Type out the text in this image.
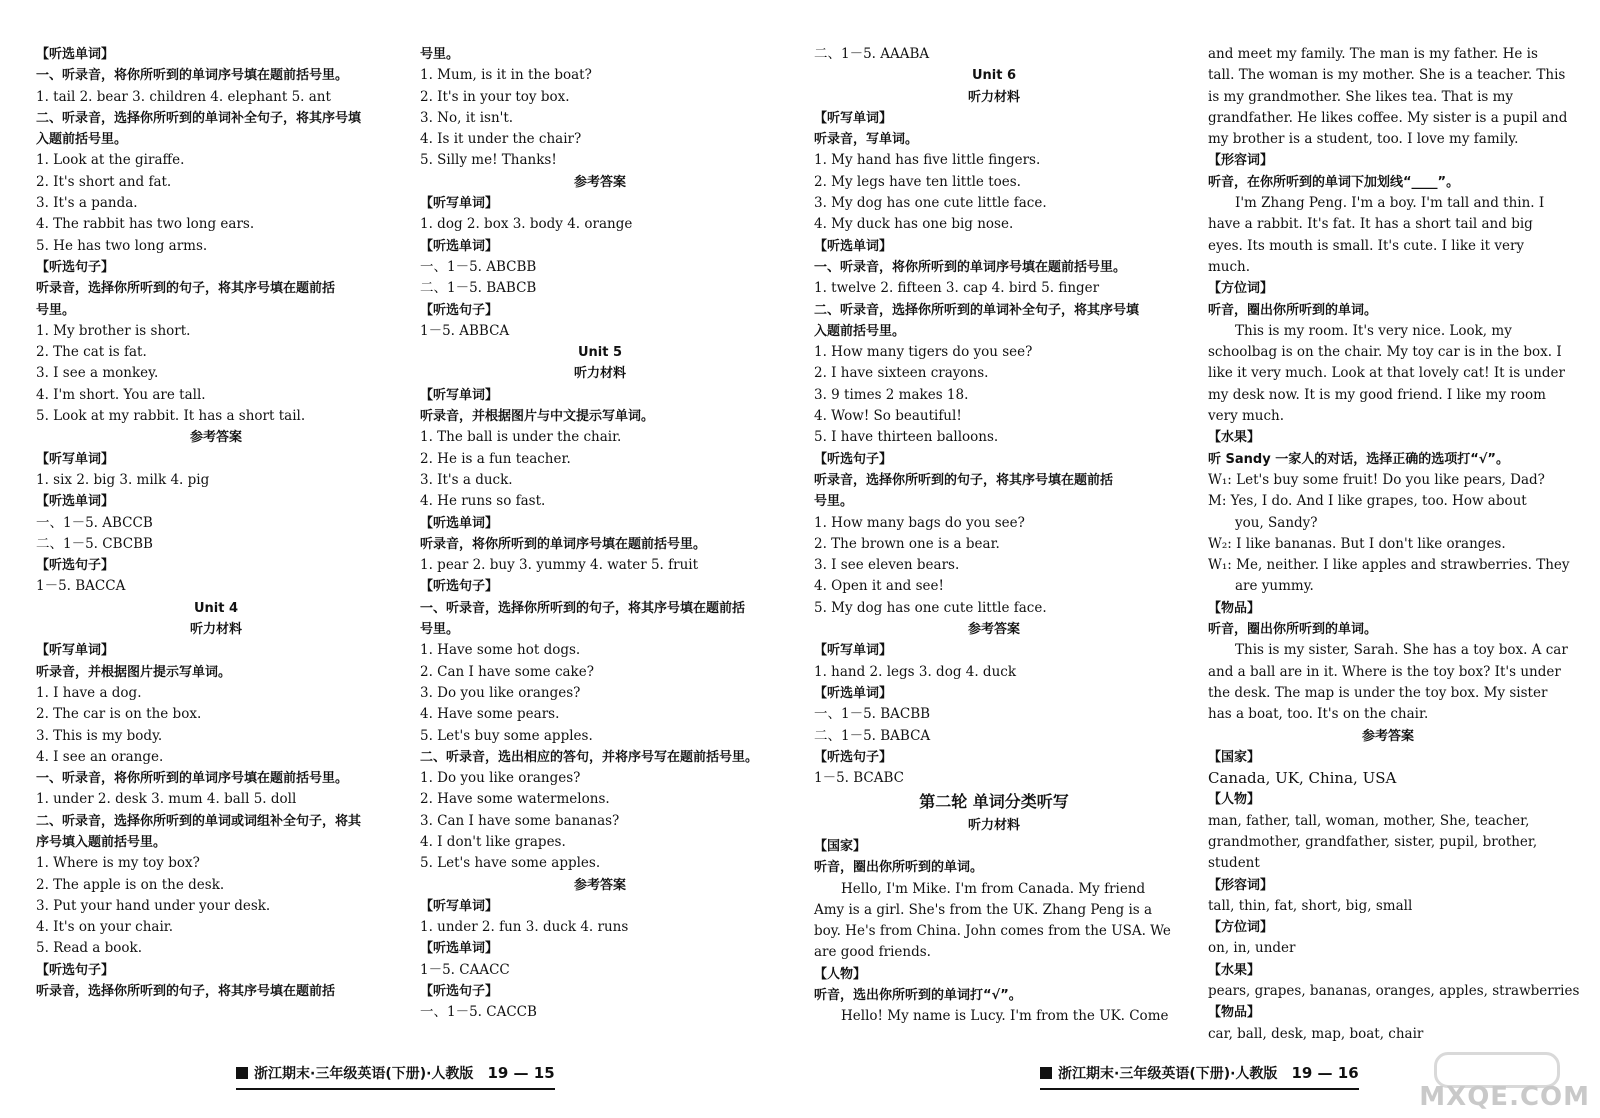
【听选单词】
一、听录音，将你所听到的单词序号填在题前括号里。
1. tail 2. bear 3. children 4. elephant 5. ant
二、听录音，选择你所听到的单词补全句子，将其序号填
入题前括号里。
1. Look at the giraffe.
2. It's short and fat.
3. It's a panda.
4. The rabbit has two long ears.
5. He has two long arms.
【听选句子】
听录音，选择你所听到的句子，将其序号填在题前括
号里。
1. My brother is short.
2. The cat is fat.
3. I see a monkey.
4. I'm short. You are tall.
5. Look at my rabbit. It has a short tail.
参考答案
【听写单词】
1. six 2. big 3. milk 4. pig
【听选单词】
一、1－5. ABCCB
二、1－5. CBCBB
【听选句子】
1－5. BACCA
Unit 4
听力材料
【听写单词】
听录音，并根据图片提示写单词。
1. I have a dog.
2. The car is on the box.
3. This is my body.
4. I see an orange.
一、听录音，将你所听到的单词序号填在题前括号里。
1. under 2. desk 3. mum 4. ball 5. doll
二、听录音，选择你所听到的单词或词组补全句子，将其
序号填入题前括号里。
1. Where is my toy box?
2. The apple is on the desk.
3. Put your hand under your desk.
4. It's on your chair.
5. Read a book.
【听选句子】
听录音，选择你所听到的句子，将其序号填在题前括
号里。
1. Mum, is it in the boat?
2. It's in your toy box.
3. No, it isn't.
4. Is it under the chair?
5. Silly me! Thanks!
参考答案
【听写单词】
1. dog 2. box 3. body 4. orange
【听选单词】
一、1－5. ABCBB
二、1－5. BABCB
【听选句子】
1－5. ABBCA
Unit 5
听力材料
【听写单词】
听录音，并根据图片与中文提示写单词。
1. The ball is under the chair.
2. He is a fun teacher.
3. It's a duck.
4. He runs so fast.
【听选单词】
听录音，将你所听到的单词序号填在题前括号里。
1. pear 2. buy 3. yummy 4. water 5. fruit
【听选句子】
一、听录音，选择你所听到的句子，将其序号填在题前括
号里。
1. Have some hot dogs.
2. Can I have some cake?
3. Do you like oranges?
4. Have some pears.
5. Let's buy some apples.
二、听录音，选出相应的答句，并将序号写在题前括号里。
1. Do you like oranges?
2. Have some watermelons.
3. Can I have some bananas?
4. I don't like grapes.
5. Let's have some apples.
参考答案
【听写单词】
1. under 2. fun 3. duck 4. runs
【听选单词】
1－5. CAACC
【听选句子】
一、1－5. CACCB
二、1－5. AAABA
Unit 6
听力材料
【听写单词】
听录音，写单词。
1. My hand has five little fingers.
2. My legs have ten little toes.
3. My dog has one cute little face.
4. My duck has one big nose.
【听选单词】
一、听录音，将你所听到的单词序号填在题前括号里。
1. twelve 2. fifteen 3. cap 4. bird 5. finger
二、听录音，选择你所听到的单词补全句子，将其序号填
入题前括号里。
1. How many tigers do you see?
2. I have sixteen crayons.
3. 9 times 2 makes 18.
4. Wow! So beautiful!
5. I have thirteen balloons.
【听选句子】
听录音，选择你所听到的句子，将其序号填在题前括
号里。
1. How many bags do you see?
2. The brown one is a bear.
3. I see eleven bears.
4. Open it and see!
5. My dog has one cute little face.
参考答案
【听写单词】
1. hand 2. legs 3. dog 4. duck
【听选单词】
一、1－5. BACBB
二、1－5. BABCA
【听选句子】
1－5. BCABC
第二轮 单词分类听写
听力材料
【国家】
听音，圈出你所听到的单词。
Hello, I'm Mike. I'm from Canada. My friend Amy is a girl. She's from the UK. Zhang Peng is a boy. He's from China. John comes from the USA. We are good friends.
【人物】
听音，选出你所听到的单词打“√”。
Hello! My name is Lucy. I'm from the UK. Come
and meet my family. The man is my father. He is tall. The woman is my mother. She is a teacher. This is my grandmother. She likes tea. That is my grandfather. He likes coffee. My sister is a pupil and my brother is a student, too. I love my family.
【形容词】
听音，在你所听到的单词下加划线“____”。
I'm Zhang Peng. I'm a boy. I'm tall and thin. I have a rabbit. It's fat. It has a short tail and big eyes. Its mouth is small. It's cute. I like it very much.
【方位词】
听音，圈出你所听到的单词。
This is my room. It's very nice. Look, my schoolbag is on the chair. My toy car is in the box. I like it very much. Look at that lovely cat! It is under my desk now. It is my good friend. I like my room very much.
【水果】
听 Sandy 一家人的对话，选择正确的选项打“√”。
W₁: Let's buy some fruit! Do you like pears, Dad?
M: Yes, I do. And I like grapes, too. How about
you, Sandy?
W₂: I like bananas. But I don't like oranges.
W₁: Me, neither. I like apples and strawberries. They
are yummy.
【物品】
听音，圈出你所听到的单词。
This is my sister, Sarah. She has a toy box. A car and a ball are in it. Where is the toy box? It's under the desk. The map is under the toy box. My sister has a boat, too. It's on the chair.
参考答案
【国家】
Canada, UK, China, USA
【人物】
man, father, tall, woman, mother, She, teacher, grandmother, grandfather, sister, pupil, brother, student
【形容词】
tall, thin, fat, short, big, small
【方位词】
on, in, under
【水果】
pears, grapes, bananas, oranges, apples, strawberries
【物品】
car, ball, desk, map, boat, chair
浙江期末·三年级英语(下册)·人教版 19 — 15	浙江期末·三年级英语(下册)·人教版 19 — 16
MXQE.COM
